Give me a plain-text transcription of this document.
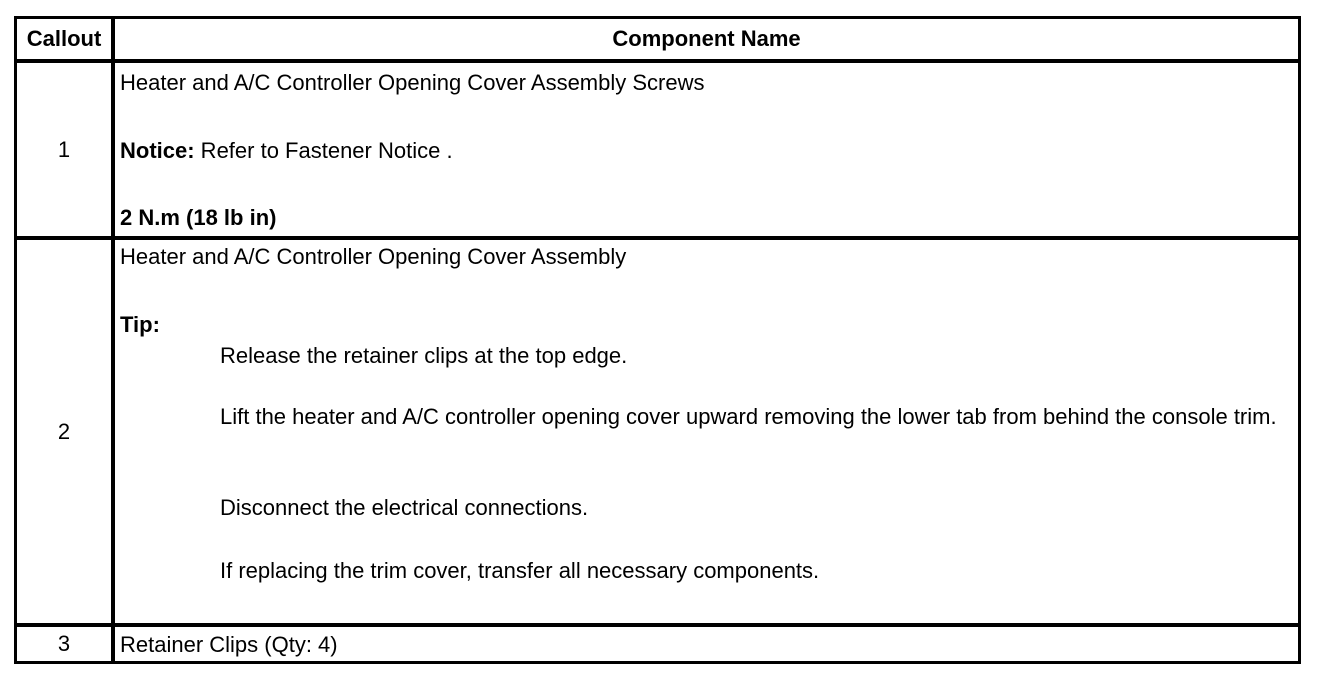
Callout	Component Name
1
Heater and A/C Controller Opening Cover Assembly Screws
Notice: Refer to Fastener Notice .
2 N.m (18 lb in)
2
Heater and A/C Controller Opening Cover Assembly
Tip:
Release the retainer clips at the top edge.
Lift the heater and A/C controller opening cover upward removing the lower tab from behind the console trim.
Disconnect the electrical connections.
If replacing the trim cover, transfer all necessary components.
3	Retainer Clips (Qty: 4)
